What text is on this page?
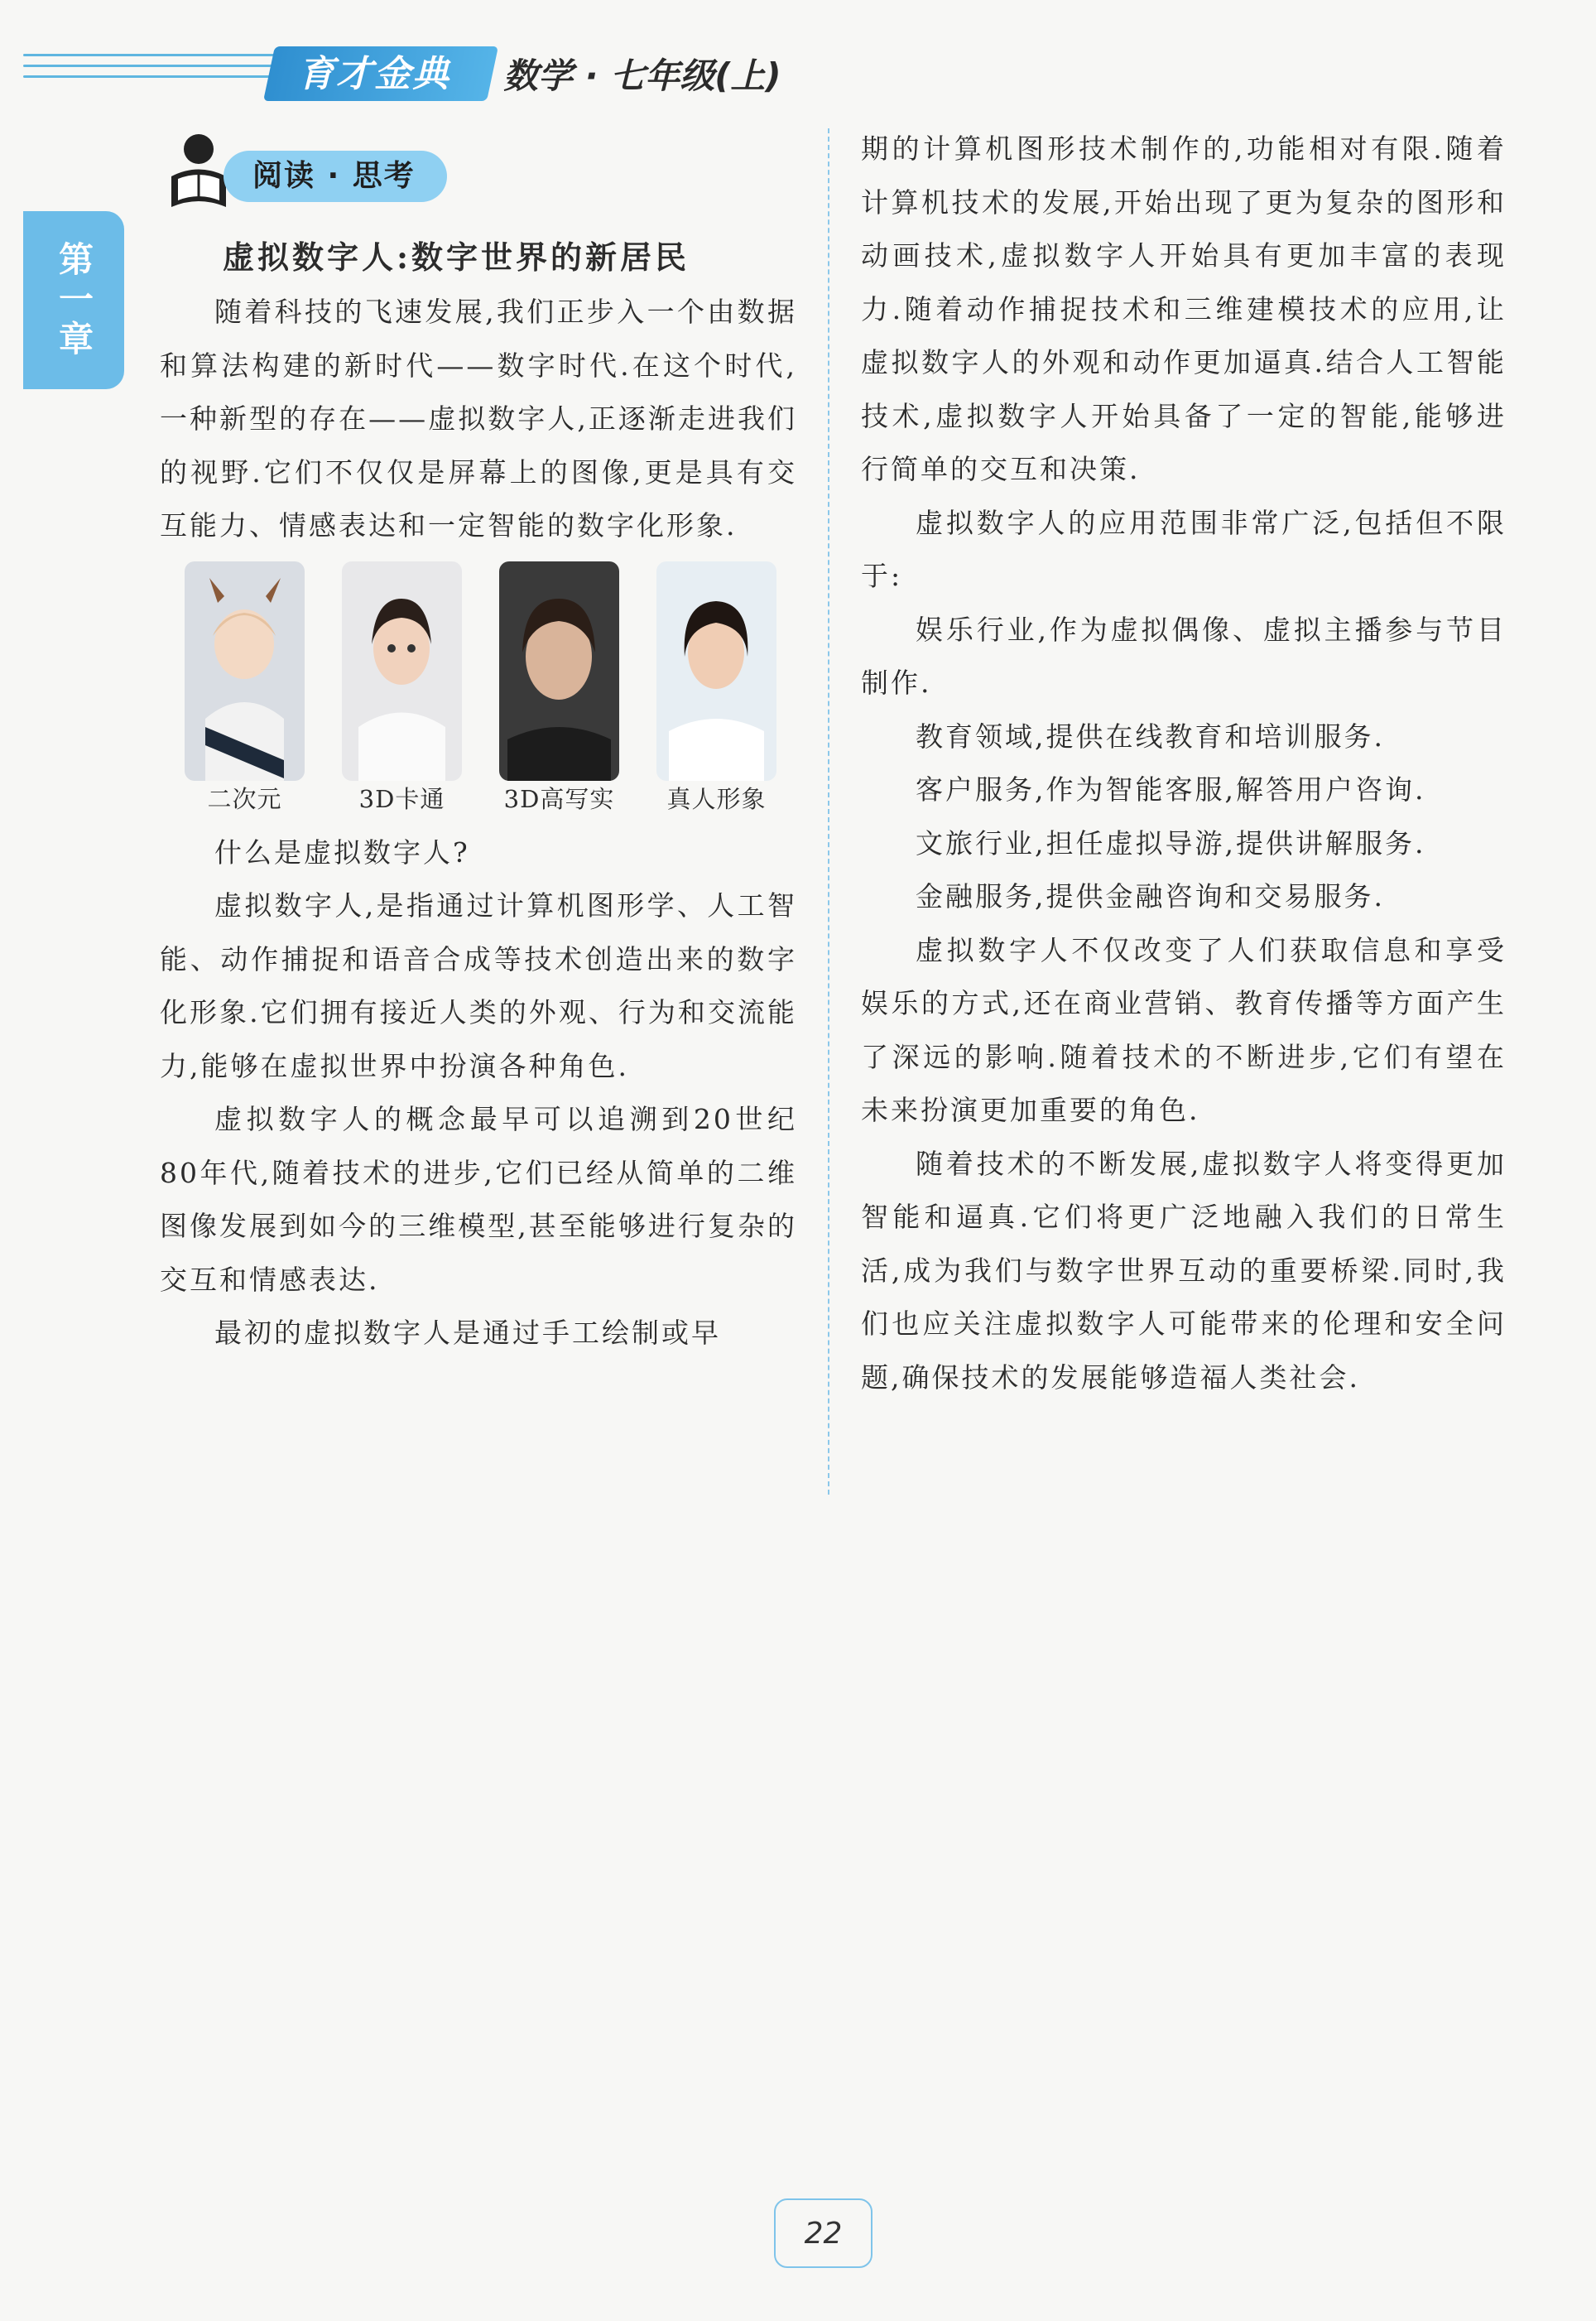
育才金典 数学 · 七年级(上)
第一章
阅读 · 思考

虚拟数字人:数字世界的新居民

随着科技的飞速发展,我们正步入一个由数据和算法构建的新时代——数字时代.在这个时代,一种新型的存在——虚拟数字人,正逐渐走进我们的视野.它们不仅仅是屏幕上的图像,更是具有交互能力、情感表达和一定智能的数字化形象.

二次元	3D卡通	3D高写实	真人形象

什么是虚拟数字人?

虚拟数字人,是指通过计算机图形学、人工智能、动作捕捉和语音合成等技术创造出来的数字化形象.它们拥有接近人类的外观、行为和交流能力,能够在虚拟世界中扮演各种角色.

虚拟数字人的概念最早可以追溯到20世纪80年代,随着技术的进步,它们已经从简单的二维图像发展到如今的三维模型,甚至能够进行复杂的交互和情感表达.

最初的虚拟数字人是通过手工绘制或早

期的计算机图形技术制作的,功能相对有限.随着计算机技术的发展,开始出现了更为复杂的图形和动画技术,虚拟数字人开始具有更加丰富的表现力.随着动作捕捉技术和三维建模技术的应用,让虚拟数字人的外观和动作更加逼真.结合人工智能技术,虚拟数字人开始具备了一定的智能,能够进行简单的交互和决策.

虚拟数字人的应用范围非常广泛,包括但不限于:

娱乐行业,作为虚拟偶像、虚拟主播参与节目制作.

教育领域,提供在线教育和培训服务.

客户服务,作为智能客服,解答用户咨询.

文旅行业,担任虚拟导游,提供讲解服务.

金融服务,提供金融咨询和交易服务.

虚拟数字人不仅改变了人们获取信息和享受娱乐的方式,还在商业营销、教育传播等方面产生了深远的影响.随着技术的不断进步,它们有望在未来扮演更加重要的角色.

随着技术的不断发展,虚拟数字人将变得更加智能和逼真.它们将更广泛地融入我们的日常生活,成为我们与数字世界互动的重要桥梁.同时,我们也应关注虚拟数字人可能带来的伦理和安全问题,确保技术的发展能够造福人类社会.

22
